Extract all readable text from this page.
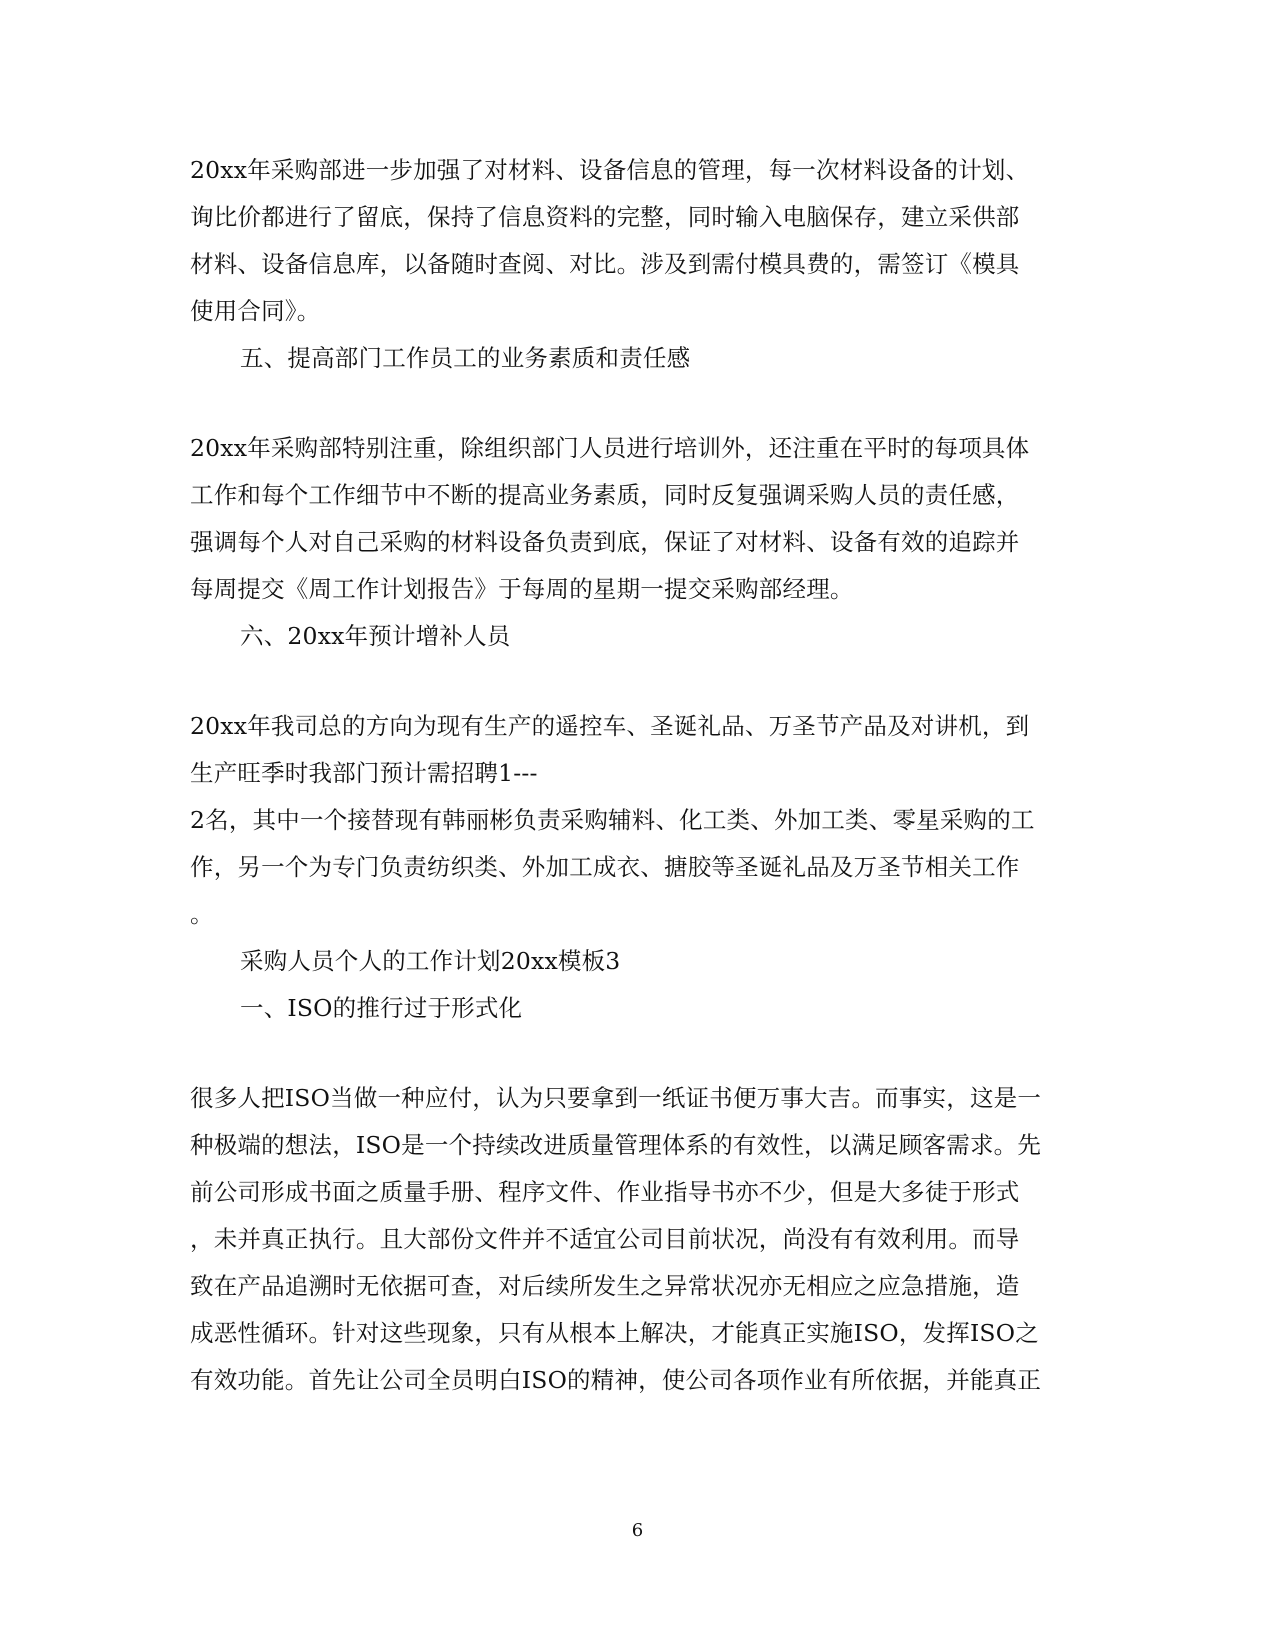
20xx年采购部进一步加强了对材料、设备信息的管理，每一次材料设备的计划、
询比价都进行了留底，保持了信息资料的完整，同时输入电脑保存，建立采供部
材料、设备信息库，以备随时查阅、对比。涉及到需付模具费的，需签订《模具
使用合同》。
五、提高部门工作员工的业务素质和责任感
20xx年采购部特别注重，除组织部门人员进行培训外，还注重在平时的每项具体
工作和每个工作细节中不断的提高业务素质，同时反复强调采购人员的责任感，
强调每个人对自己采购的材料设备负责到底，保证了对材料、设备有效的追踪并
每周提交《周工作计划报告》于每周的星期一提交采购部经理。
六、20xx年预计增补人员
20xx年我司总的方向为现有生产的遥控车、圣诞礼品、万圣节产品及对讲机，到
生产旺季时我部门预计需招聘1---
2名，其中一个接替现有韩丽彬负责采购辅料、化工类、外加工类、零星采购的工
作，另一个为专门负责纺织类、外加工成衣、搪胶等圣诞礼品及万圣节相关工作
。
采购人员个人的工作计划20xx模板3
一、ISO的推行过于形式化
很多人把ISO当做一种应付，认为只要拿到一纸证书便万事大吉。而事实，这是一
种极端的想法，ISO是一个持续改进质量管理体系的有效性，以满足顾客需求。先
前公司形成书面之质量手册、程序文件、作业指导书亦不少，但是大多徒于形式
，未并真正执行。且大部份文件并不适宜公司目前状况，尚没有有效利用。而导
致在产品追溯时无依据可查，对后续所发生之异常状况亦无相应之应急措施，造
成恶性循环。针对这些现象，只有从根本上解决，才能真正实施ISO，发挥ISO之
有效功能。首先让公司全员明白ISO的精神，使公司各项作业有所依据，并能真正
6
